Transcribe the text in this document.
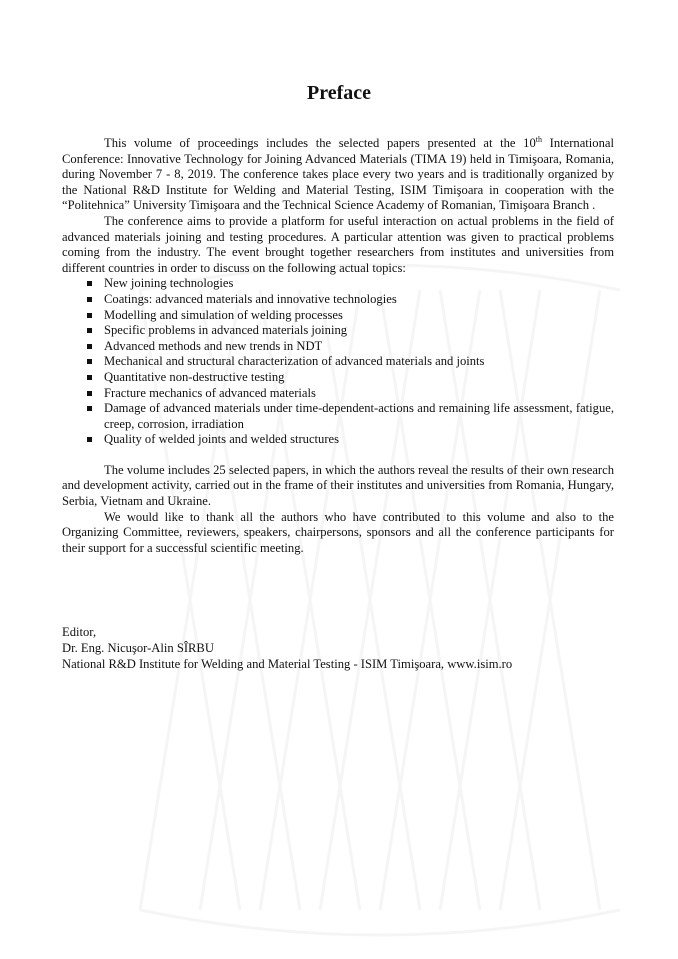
Preface

This volume of proceedings includes the selected papers presented at the 10th International Conference: Innovative Technology for Joining Advanced Materials (TIMA 19) held in Timişoara, Romania, during November 7 - 8, 2019. The conference takes place every two years and is traditionally organized by the National R&D Institute for Welding and Material Testing, ISIM Timişoara in cooperation with the “Politehnica” University Timişoara and the Technical Science Academy of Romanian, Timişoara Branch .

The conference aims to provide a platform for useful interaction on actual problems in the field of advanced materials joining and testing procedures. A particular attention was given to practical problems coming from the industry. The event brought together researchers from institutes and universities from different countries in order to discuss on the following actual topics:

New joining technologies
Coatings: advanced materials and innovative technologies
Modelling and simulation of welding processes
Specific problems in advanced materials joining
Advanced methods and new trends in NDT
Mechanical and structural characterization of advanced materials and joints
Quantitative non-destructive testing
Fracture mechanics of advanced materials
Damage of advanced materials under time-dependent-actions and remaining life assessment, fatigue, creep, corrosion, irradiation
Quality of welded joints and welded structures

The volume includes 25 selected papers, in which the authors reveal the results of their own research and development activity, carried out in the frame of their institutes and universities from Romania, Hungary, Serbia, Vietnam and Ukraine.

We would like to thank all the authors who have contributed to this volume and also to the Organizing Committee, reviewers, speakers, chairpersons, sponsors and all the conference participants for their support for a successful scientific meeting.

Editor,
Dr. Eng. Nicuşor-Alin SÎRBU
National R&D Institute for Welding and Material Testing - ISIM Timişoara, www.isim.ro
